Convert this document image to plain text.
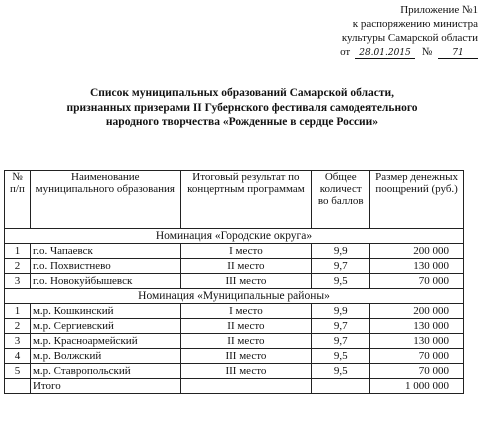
Приложение №1
к распоряжению министра
культуры Самарской области
от 28.01.2015 № 71
Список муниципальных образований Самарской области,
признанных призерами II Губернского фестиваля самодеятельного
народного творчества «Рожденные в сердце России»
№ п/п	Наименование муниципального образования	Итоговый результат по концертным программам	Общее количест во баллов	Размер денежных поощрений (руб.)
Номинация «Городские округа»				
1	г.о. Чапаевск	I место	9,9	200 000
2	г.о. Похвистнево	II место	9,7	130 000
3	г.о. Новокуйбышевск	III место	9,5	70 000
Номинация «Муниципальные районы»				
1	м.р. Кошкинский	I место	9,9	200 000
2	м.р. Сергиевский	II место	9,7	130 000
3	м.р. Красноармейский	II место	9,7	130 000
4	м.р. Волжский	III место	9,5	70 000
5	м.р. Ставропольский	III место	9,5	70 000
	Итого			1 000 000
